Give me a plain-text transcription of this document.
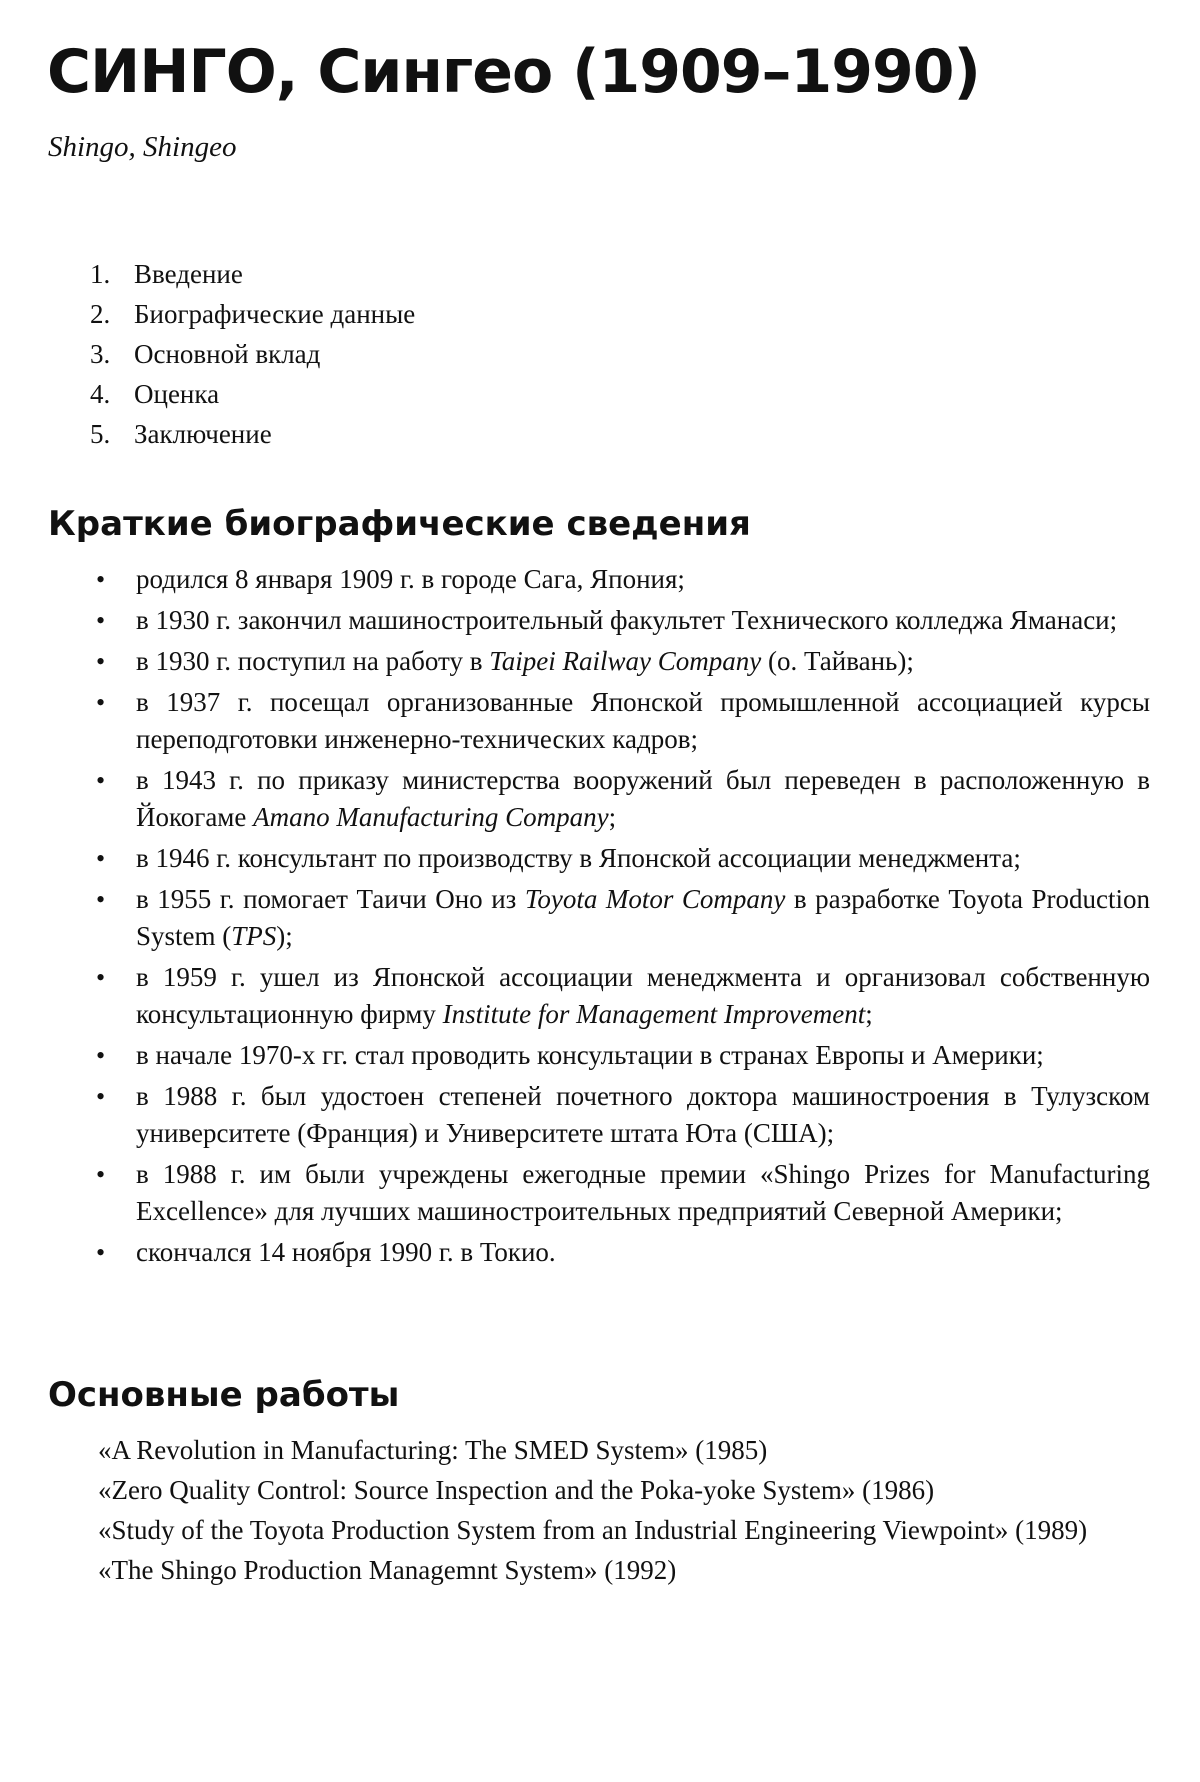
СИНГО, Сингео (1909–1990)

Shingo, Shingeo

1. Введение
2. Биографические данные
3. Основной вклад
4. Оценка
5. Заключение
Краткие биографические сведения
• родился 8 января 1909 г. в городе Сага, Япония;
• в 1930 г. закончил машиностроительный факультет Технического колледжа Яманаси;
• в 1930 г. поступил на работу в Taipei Railway Company (о. Тайвань);
• в 1937 г. посещал организованные Японской промышленной ассоциацией курсы переподготовки инженерно-технических кадров;
• в 1943 г. по приказу министерства вооружений был переведен в расположенную в Йокогаме Amano Manufacturing Company;
• в 1946 г. консультант по производству в Японской ассоциации менеджмента;
• в 1955 г. помогает Таичи Оно из Toyota Motor Company в разработке Toyota Production System (TPS);
• в 1959 г. ушел из Японской ассоциации менеджмента и организовал собственную консультационную фирму Institute for Management Improvement;
• в начале 1970-х гг. стал проводить консультации в странах Европы и Америки;
• в 1988 г. был удостоен степеней почетного доктора машиностроения в Тулузском университете (Франция) и Университете штата Юта (США);
• в 1988 г. им были учреждены ежегодные премии «Shingo Prizes for Manufacturing Excellence» для лучших машиностроительных предприятий Северной Америки;
• скончался 14 ноября 1990 г. в Токио.
Основные работы
«A Revolution in Manufacturing: The SMED System» (1985)
«Zero Quality Control: Source Inspection and the Poka-yoke System» (1986)
«Study of the Toyota Production System from an Industrial Engineering Viewpoint» (1989)
«The Shingo Production Managemnt System» (1992)
